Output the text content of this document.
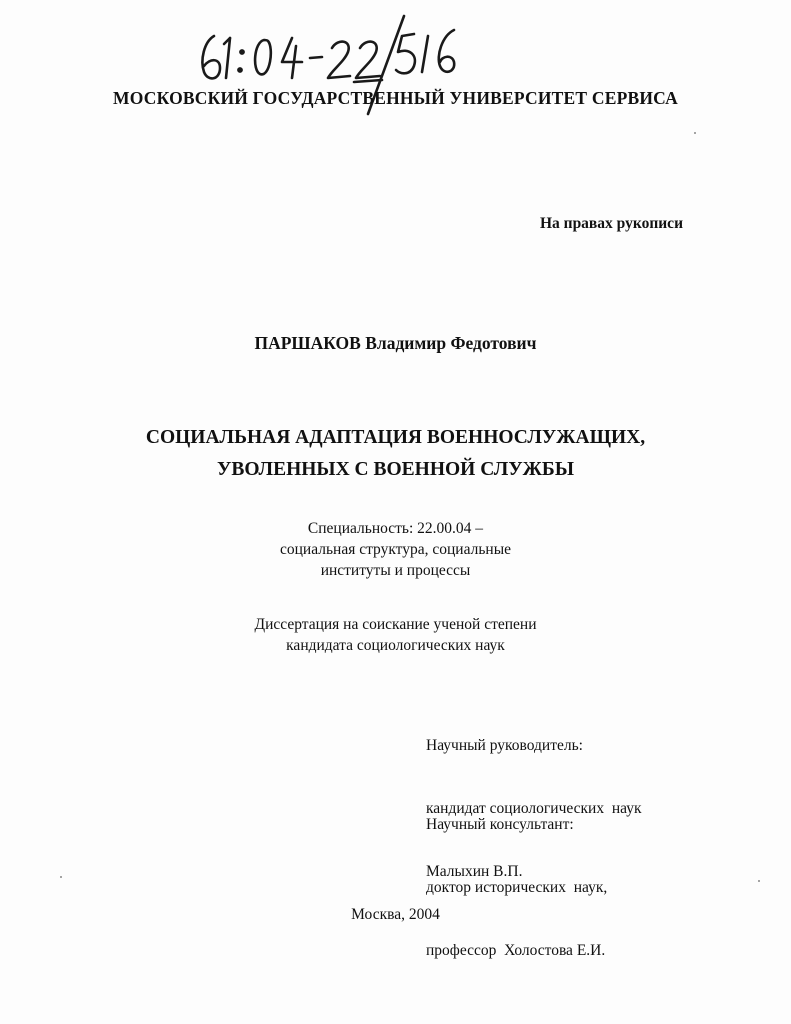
МОСКОВСКИЙ ГОСУДАРСТВЕННЫЙ УНИВЕРСИТЕТ СЕРВИСА
На правах рукописи
ПАРШАКОВ Владимир Федотович
СОЦИАЛЬНАЯ АДАПТАЦИЯ ВОЕННОСЛУЖАЩИХ,
УВОЛЕННЫХ С ВОЕННОЙ СЛУЖБЫ
Специальность: 22.00.04 –
социальная структура, социальные
институты и процессы
Диссертация на соискание ученой степени
кандидата социологических наук

Научный руководитель:

кандидат социологических  наук

Малыхин В.П.

Научный консультант:

доктор исторических  наук,

профессор  Холостова Е.И.

Москва, 2004
